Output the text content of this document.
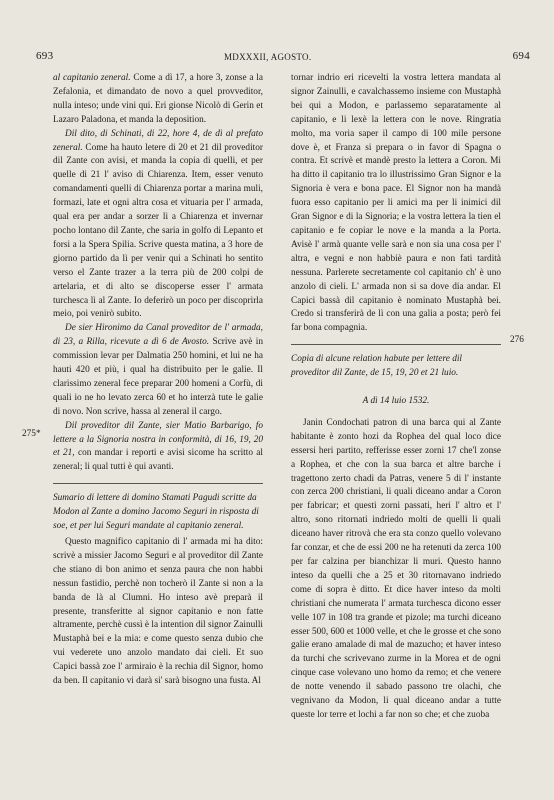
693	MDXXXII, AGOSTO.	694
275*
276

al capitanio zeneral. Come a dì 17, a hore 3, zonse a la Zefalonia, et dimandato de novo a quel provveditor, nulla inteso; unde vini qui. Eri gionse Nicolò di Gerin et Lazaro Paladona, et manda la deposition.

Dil dito, di Schinati, di 22, hore 4, de dì al prefato zeneral. Come ha hauto letere di 20 et 21 dil proveditor dil Zante con avisi, et manda la copia di quelli, et per quelle di 21 l' aviso di Chiarenza. Item, esser venuto comandamenti quelli di Chiarenza portar a marina muli, formazi, late et ogni altra cosa et vituaria per l' armada, qual era per andar a sorzer lì a Chiarenza et invernar pocho lontano dil Zante, che saria in golfo di Lepanto et forsi a la Spera Spilia. Scrive questa matina, a 3 hore de giorno partido da lì per venir qui a Schinati ho sentito verso el Zante trazer a la terra più de 200 colpi de artelaria, et di alto se discoperse esser l' armata turchesca lì al Zante. Io deferirò un poco per discoprirla meio, poi venirò subito.

De sier Hironimo da Canal proveditor de l' armada, di 23, a Rilla, ricevute a dì 6 de Avosto. Scrive avè in commission levar per Dalmatia 250 homini, et lui ne ha hauti 420 et più, i qual ha distribuito per le galie. Il clarissimo zeneral fece preparar 200 homeni a Corfù, di quali io ne ho levato zerca 60 et ho interzà tute le galie di novo. Non scrive, hassa al zeneral il cargo.

Dil proveditor dil Zante, sier Matio Barbarigo, fo lettere a la Signoria nostra in conformità, di 16, 19, 20 et 21, con mandar i reporti e avisi sicome ha scritto al zeneral; li qual tutti è qui avanti.

Sumario di lettere di domino Stamati Pagudi scritte da Modon al Zante a domino Jacomo Seguri in risposta di soe, et per lui Seguri mandate al capitanio zeneral.

Questo magnifico capitanio di l' armada mi ha dito: scrivè a missier Jacomo Seguri e al proveditor dil Zante che stiano di bon animo et senza paura che non habbi nessun fastidio, perchè non tocherò il Zante si non a la banda de là al Clumni. Ho inteso avè preparà il presente, transferitte al signor capitanio e non fatte altramente, perchè cussì è la intention dil signor Zainulli Mustaphà bei e la mia: e come questo senza dubio che vui vederete uno anzolo mandato dai cieli. Et suo Capici bassà zoe l' armiraio è la rechia dil Signor, homo da ben. Il capitanio vi darà si' sarà bisogno una fusta. Al

tornar indrio eri ricevelti la vostra lettera mandata al signor Zainulli, e cavalchassemo insieme con Mustaphà bei qui a Modon, e parlassemo separatamente al capitanio, e li lexè la lettera con le nove. Ringratia molto, ma voria saper il campo di 100 mile persone dove è, et Franza si prepara o in favor di Spagna o contra. Et scrivè et mandè presto la lettera a Coron. Mi ha ditto il capitanio tra lo illustrissimo Gran Signor e la Signoria è vera e bona pace. El Signor non ha mandà fuora esso capitanio per li amici ma per li inimici dil Gran Signor e di la Signoria; e la vostra lettera la tien el capitanio e fe copiar le nove e la manda a la Porta. Avisè l' armà quante velle sarà e non sia una cosa per l' altra, e vegni e non habbiè paura e non fati tardità nessuna. Parlerete secretamente col capitanio ch' è uno anzolo di cieli. L' armada non si sa dove dia andar. El Capici bassà dil capitanio è nominato Mustaphà bei. Credo si transferirà de lì con una galia a posta; però fei far bona compagnia.

Copia di alcune relation habute per lettere dil proveditor dil Zante, de 15, 19, 20 et 21 luio.

A dì 14 luio 1532.

Janin Condochati patron di una barca qui al Zante habitante è zonto hozi da Rophea del qual loco dice essersi heri partito, refferisse esser zorni 17 che'l zonse a Rophea, et che con la sua barca et altre barche i tragettono zerto chadì da Patras, venere 5 di l' instante con zerca 200 christiani, li quali diceano andar a Coron per fabricar; et questi zorni passati, heri l' altro et l' altro, sono ritornati indriedo molti de quelli li quali diceano haver ritrovà che era sta conzo quello volevano far conzar, et che de essi 200 ne ha retenuti da zerca 100 per far calzina per bianchizar li muri. Questo hanno inteso da quelli che a 25 et 30 ritornavano indriedo come di sopra è ditto. Et dice haver inteso da molti christiani che numerata l' armata turchesca dicono esser velle 107 in 108 tra grande et pizole; ma turchi diceano esser 500, 600 et 1000 velle, et che le grosse et che sono galie erano amalade di mal de mazucho; et haver inteso da turchi che scrivevano zurme in la Morea et de ogni cinque case volevano uno homo da remo; et che venere de notte venendo il sabado passono tre olachi, che vegnivano da Modon, li qual diceano andar a tutte queste lor terre et lochi a far non so che; et che zuoba
